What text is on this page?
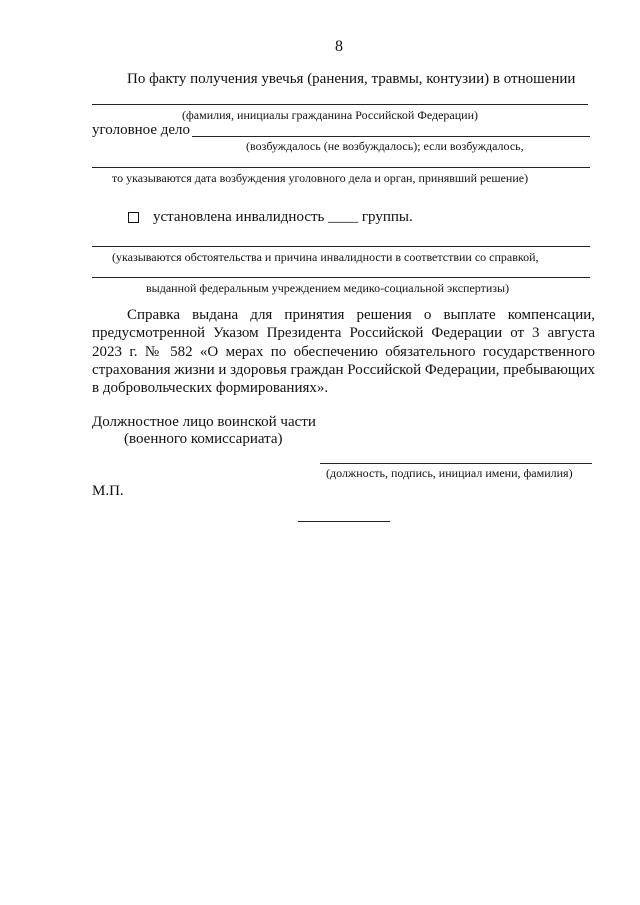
8
По факту получения увечья (ранения, травмы, контузии) в отношении
(фамилия, инициалы гражданина Российской Федерации)
уголовное дело
(возбуждалось (не возбуждалось); если возбуждалось,
то указываются дата возбуждения уголовного дела и орган, принявший решение)
установлена инвалидность ____ группы.
(указываются обстоятельства и причина инвалидности в соответствии со справкой,
выданной федеральным учреждением медико-социальной экспертизы)
Справка выдана для принятия решения о выплате компенсации, предусмотренной Указом Президента Российской Федерации от 3 августа 2023 г. № 582 «О мерах по обеспечению обязательного государственного страхования жизни и здоровья граждан Российской Федерации, пребывающих в добровольческих формированиях».
Должностное лицо воинской части
(военного комиссариата)
(должность, подпись, инициал имени, фамилия)
М.П.
